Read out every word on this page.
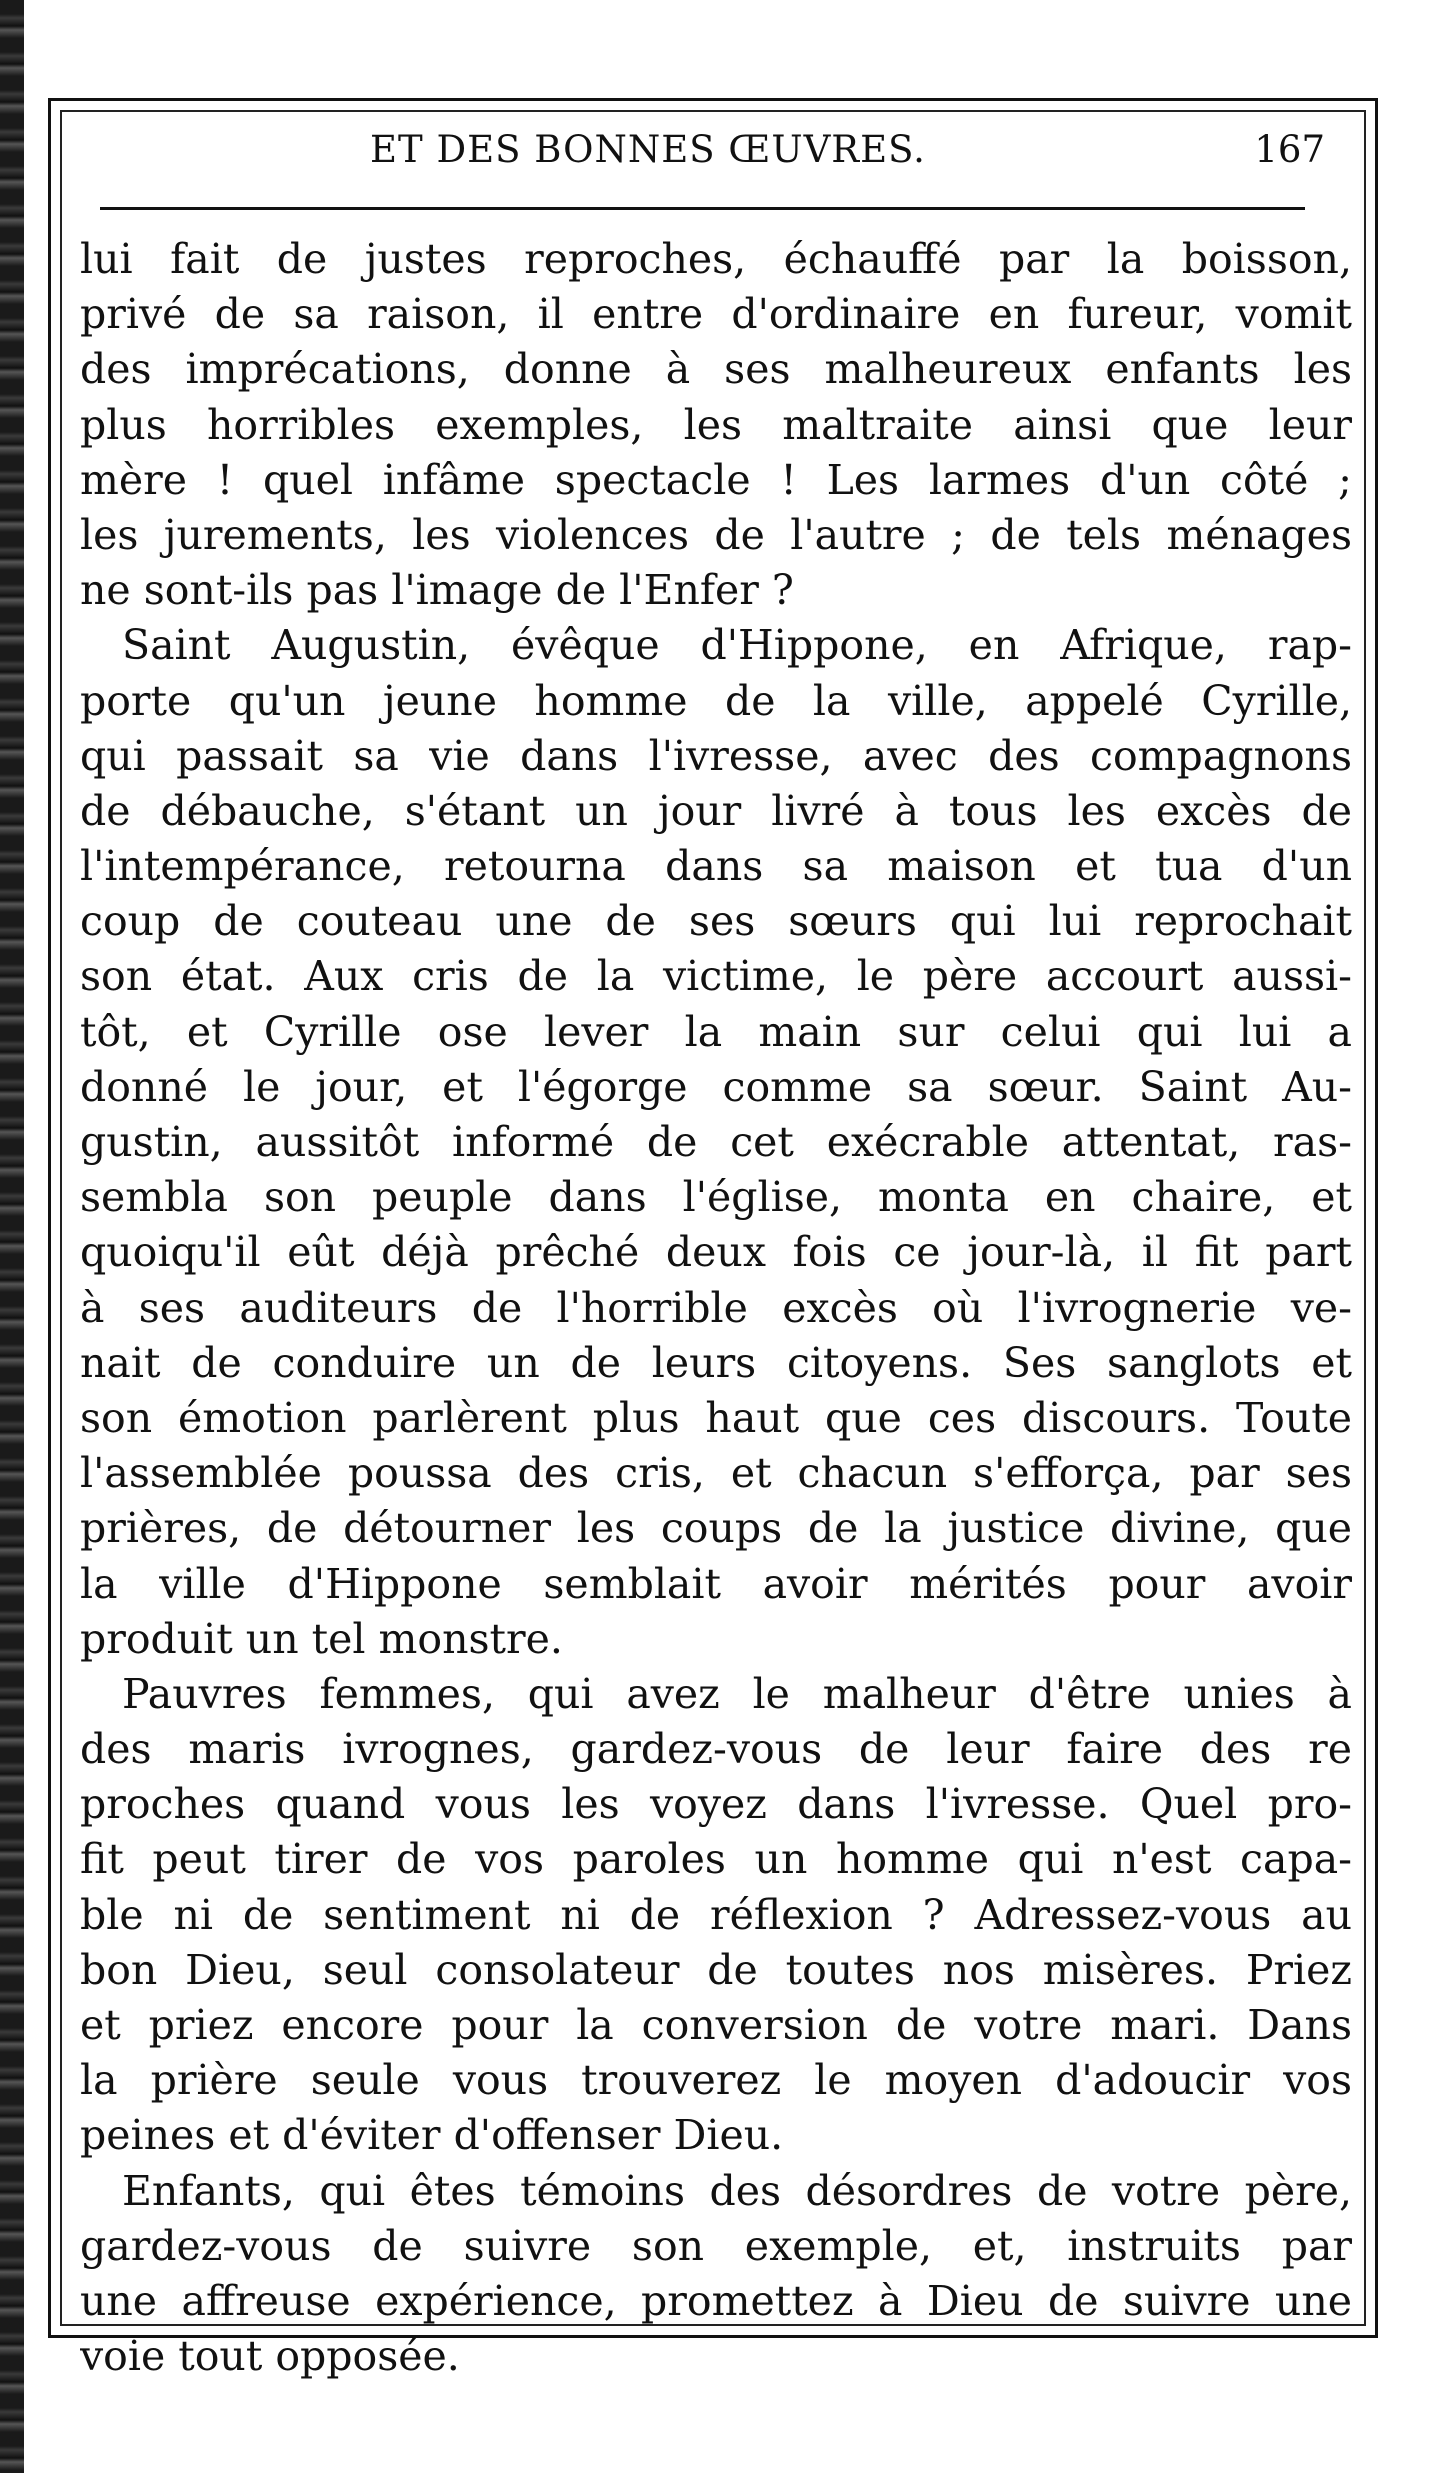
ET DES BONNES ŒUVRES.	167
lui fait de justes reproches, échauffé par la boisson,
privé de sa raison, il entre d'ordinaire en fureur, vomit
des imprécations, donne à ses malheureux enfants les
plus horribles exemples, les maltraite ainsi que leur
mère ! quel infâme spectacle ! Les larmes d'un côté ;
les jurements, les violences de l'autre ; de tels ménages
ne sont-ils pas l'image de l'Enfer ?
Saint Augustin, évêque d'Hippone, en Afrique, rap-
porte qu'un jeune homme de la ville, appelé Cyrille,
qui passait sa vie dans l'ivresse, avec des compagnons
de débauche, s'étant un jour livré à tous les excès de
l'intempérance, retourna dans sa maison et tua d'un
coup de couteau une de ses sœurs qui lui reprochait
son état. Aux cris de la victime, le père accourt aussi-
tôt, et Cyrille ose lever la main sur celui qui lui a
donné le jour, et l'égorge comme sa sœur. Saint Au-
gustin, aussitôt informé de cet exécrable attentat, ras-
sembla son peuple dans l'église, monta en chaire, et
quoiqu'il eût déjà prêché deux fois ce jour-là, il fit part
à ses auditeurs de l'horrible excès où l'ivrognerie ve-
nait de conduire un de leurs citoyens. Ses sanglots et
son émotion parlèrent plus haut que ces discours. Toute
l'assemblée poussa des cris, et chacun s'efforça, par ses
prières, de détourner les coups de la justice divine, que
la ville d'Hippone semblait avoir mérités pour avoir
produit un tel monstre.
Pauvres femmes, qui avez le malheur d'être unies à
des maris ivrognes, gardez-vous de leur faire des re
proches quand vous les voyez dans l'ivresse. Quel pro-
fit peut tirer de vos paroles un homme qui n'est capa-
ble ni de sentiment ni de réflexion ? Adressez-vous au
bon Dieu, seul consolateur de toutes nos misères. Priez
et priez encore pour la conversion de votre mari. Dans
la prière seule vous trouverez le moyen d'adoucir vos
peines et d'éviter d'offenser Dieu.
Enfants, qui êtes témoins des désordres de votre père,
gardez-vous de suivre son exemple, et, instruits par
une affreuse expérience, promettez à Dieu de suivre une
voie tout opposée.
